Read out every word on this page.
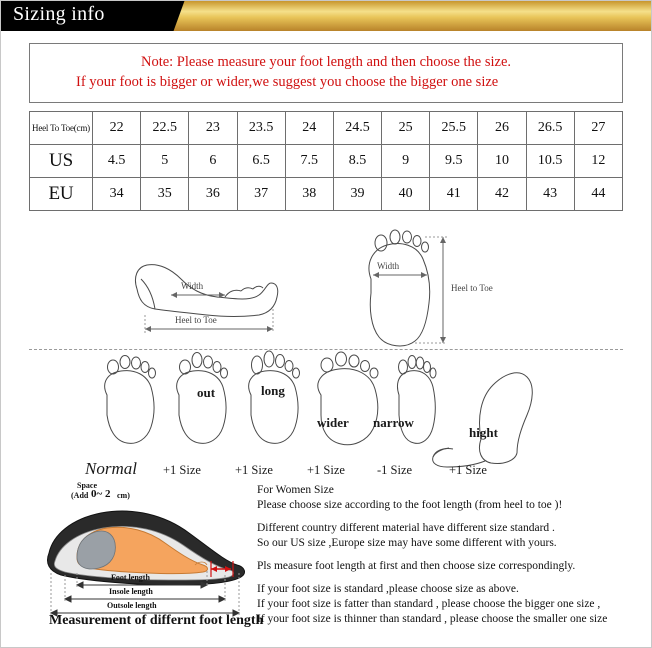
Sizing info
Note: Please measure your foot length and then choose the size.
If your foot is bigger or wider,we suggest you choose the bigger one size
Heel To Toe(cm)	22	22.5	23	23.5	24	24.5	25	25.5	26	26.5	27
US	4.5	5	6	6.5	7.5	8.5	9	9.5	10	10.5	12
EU	34	35	36	37	38	39	40	41	42	43	44
Width
Heel to Toe
Width
Heel to Toe
out	long
wider narrow
hight
Normal +1 Size	+1 Size	+1 Size	-1 Size	+1 Size
Space
(Add 0~ 2 cm)
Foot length
Insole length
Outsole length
For Women Size
Please choose size according to the foot length (from heel to toe )!
Different country different material have different size standard .
So our US size ,Europe size may have some different with yours.
Pls measure foot length at first and then choose size correspondingly.
If your foot size is standard ,please choose size as above.
If your foot size is fatter than standard , please choose the bigger one size ,
If your foot size is thinner than standard , please choose the smaller one size
Measurement of differnt foot length
